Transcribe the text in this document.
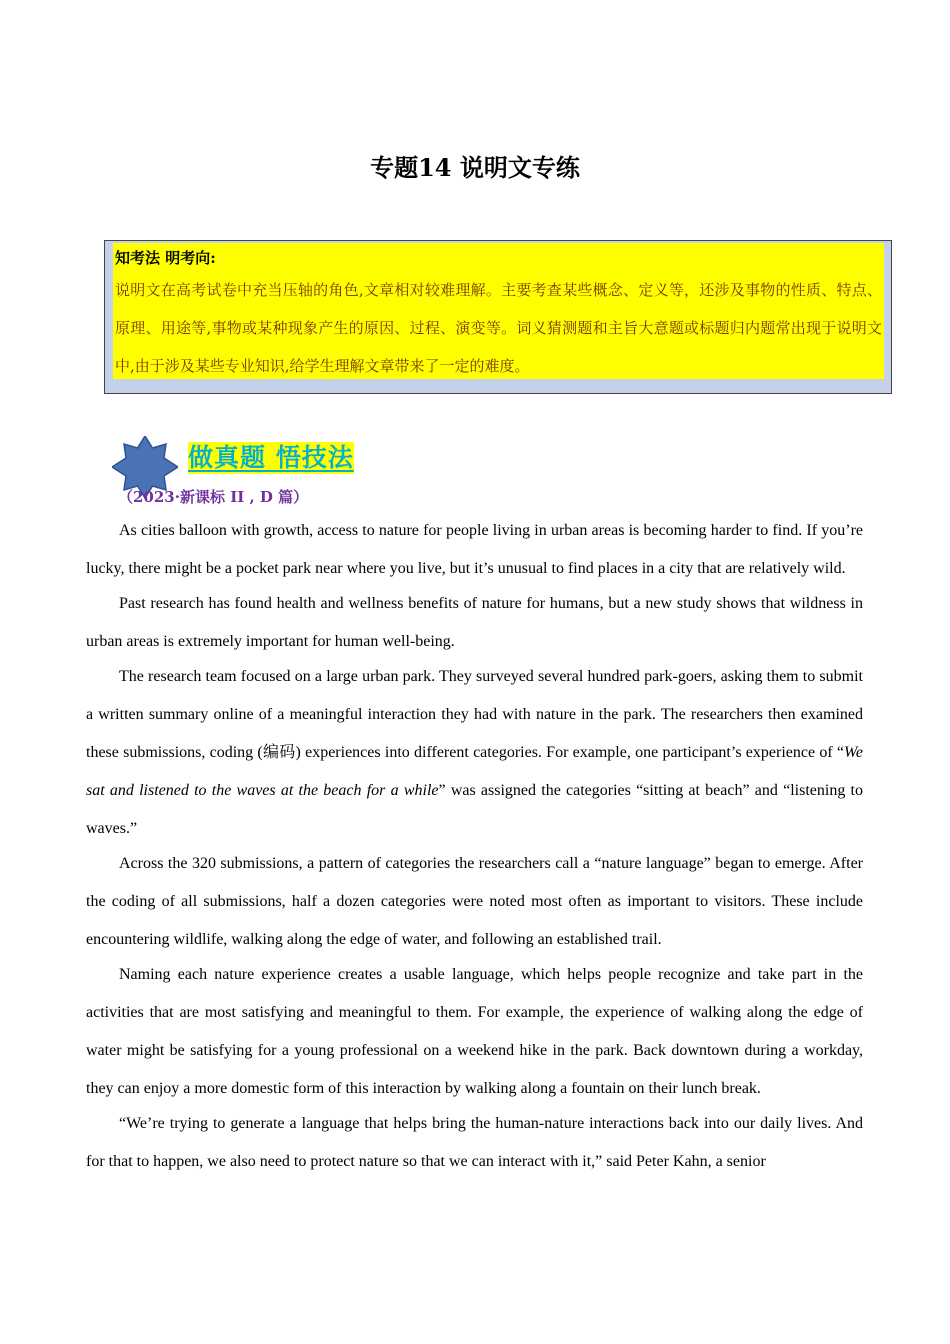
专题14 说明文专练
知考法 明考向:
说明文在高考试卷中充当压轴的角色,文章相对较难理解。主要考查某些概念、定义等，还涉及事物的性质、特点、原理、用途等,事物或某种现象产生的原因、过程、演变等。词义猜测题和主旨大意题或标题归内题常出现于说明文中,由于涉及某些专业知识,给学生理解文章带来了一定的难度。
做真题 悟技法
（2023·新课标 II , D 篇）

As cities balloon with growth, access to nature for people living in urban areas is becoming harder to find. If you’re lucky, there might be a pocket park near where you live, but it’s unusual to find places in a city that are relatively wild.

Past research has found health and wellness benefits of nature for humans, but a new study shows that wildness in urban areas is extremely important for human well-being.

The research team focused on a large urban park. They surveyed several hundred park-goers, asking them to submit a written summary online of a meaningful interaction they had with nature in the park. The researchers then examined these submissions, coding (编码) experiences into different categories. For example, one participant’s experience of “We sat and listened to the waves at the beach for a while” was assigned the categories “sitting at beach” and “listening to waves.”

Across the 320 submissions, a pattern of categories the researchers call a “nature language” began to emerge. After the coding of all submissions, half a dozen categories were noted most often as important to visitors. These include encountering wildlife, walking along the edge of water, and following an established trail.

Naming each nature experience creates a usable language, which helps people recognize and take part in the activities that are most satisfying and meaningful to them. For example, the experience of walking along the edge of water might be satisfying for a young professional on a weekend hike in the park. Back downtown during a workday, they can enjoy a more domestic form of this interaction by walking along a fountain on their lunch break.

“We’re trying to generate a language that helps bring the human-nature interactions back into our daily lives. And for that to happen, we also need to protect nature so that we can interact with it,” said Peter Kahn, a senior
